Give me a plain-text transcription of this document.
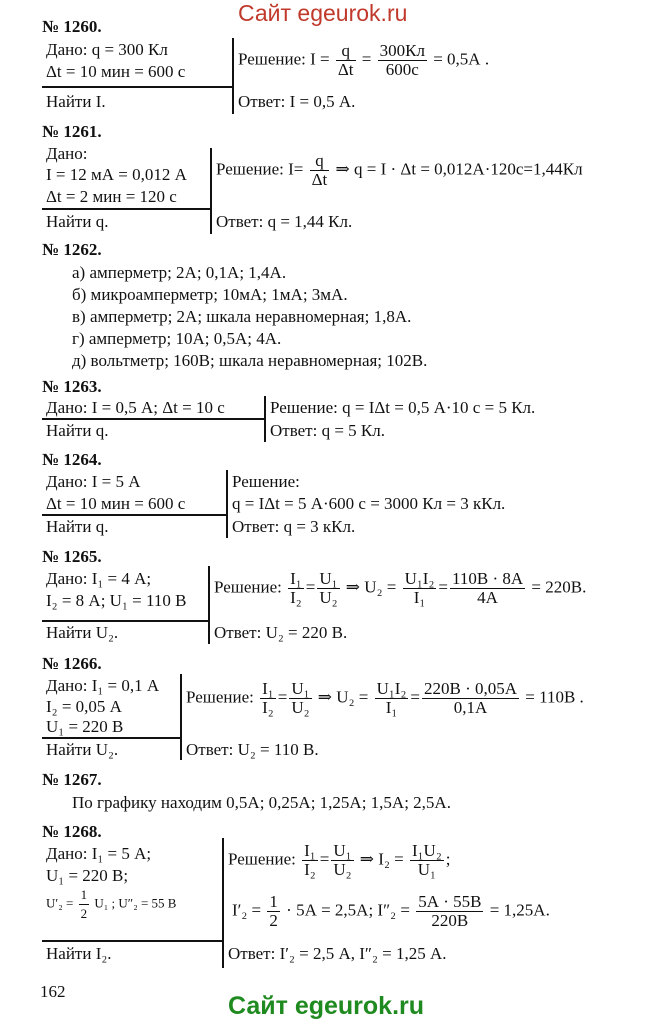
Сайт egeurok.ru
№ 1260.
Дано: q = 300 Кл
Δt = 10 мин = 600 с
Найти I.
Решение: $I = \frac{q}{\Delta t} = \frac{300Кл}{600с} = 0,5А$ .
Ответ: I = 0,5 А.
№ 1261.
Дано:
I = 12 мА = 0,012 А
Δt = 2 мин = 120 с
Найти q.
Решение: $I= \frac{q}{\Delta t}$ ⇒ q = I · Δt = 0,012А·120с=1,44Кл
Ответ: q = 1,44 Кл.
№ 1262.
а) амперметр; 2А; 0,1А; 1,4А.
б) микроамперметр; 10мА; 1мА; 3мА.
в) амперметр; 2А; шкала неравномерная; 1,8А.
г) амперметр; 10А; 0,5А; 4А.
д) вольтметр; 160В; шкала неравномерная; 102В.
№ 1263.
Дано: I = 0,5 А; Δt = 10 с
Найти q.
Решение: q = IΔt = 0,5 А·10 с = 5 Кл.
Ответ: q = 5 Кл.
№ 1264.
Дано: I = 5 А
Δt = 10 мин = 600 с
Найти q.
Решение:
q = IΔt = 5 А·600 с = 3000 Кл = 3 кКл.
Ответ: q = 3 кКл.
№ 1265.
Дано: I₁ = 4 А;
I₂ = 8 А; U₁ = 110 В
Найти U₂.
Решение: $\frac{\text{I₁}}{\text{I₂}} = \frac{\text{U₁}}{\text{U₂}}$ ⇒ $U_2 = \frac{\text{U₁I₂}}{\text{I₁}} = \frac{110В \cdot 8А}{4А} = 220В$.
Ответ: U₂ = 220 В.
№ 1266.
Дано: I₁ = 0,1 А
I₂ = 0,05 А
U₁ = 220 В
Найти U₂.
Решение: $\frac{\text{I₁}}{\text{I₂}} = \frac{\text{U₁}}{\text{U₂}}$ ⇒ $U_2 = \frac{\text{U₁I₂}}{\text{I₁}} = \frac{220В \cdot 0,05А}{0,1А} = 110В$ .
Ответ: U₂ = 110 В.
№ 1267.
По графику находим 0,5А; 0,25А; 1,25А; 1,5А; 2,5А.
№ 1268.
Дано: I₁ = 5 А;
U₁ = 220 В;
$U'_2 = \frac{1}{2} U_1$ ; U″₂ = 55 В
Найти I₂.
Решение: $\frac{\text{I₁}}{\text{I₂}} = \frac{\text{U₁}}{\text{U₂}}$ ⇒ $I_2 = \frac{\text{I₁U₂}}{\text{U₁}}$ ;
$I'_2 = \frac{1}{2} \cdot 5А = 2,5А$; $I''_2 = \frac{5А \cdot 55В}{220В} = 1,25А$.
Ответ: I′₂ = 2,5 А, I″₂ = 1,25 А.
162
Сайт egeurok.ru
